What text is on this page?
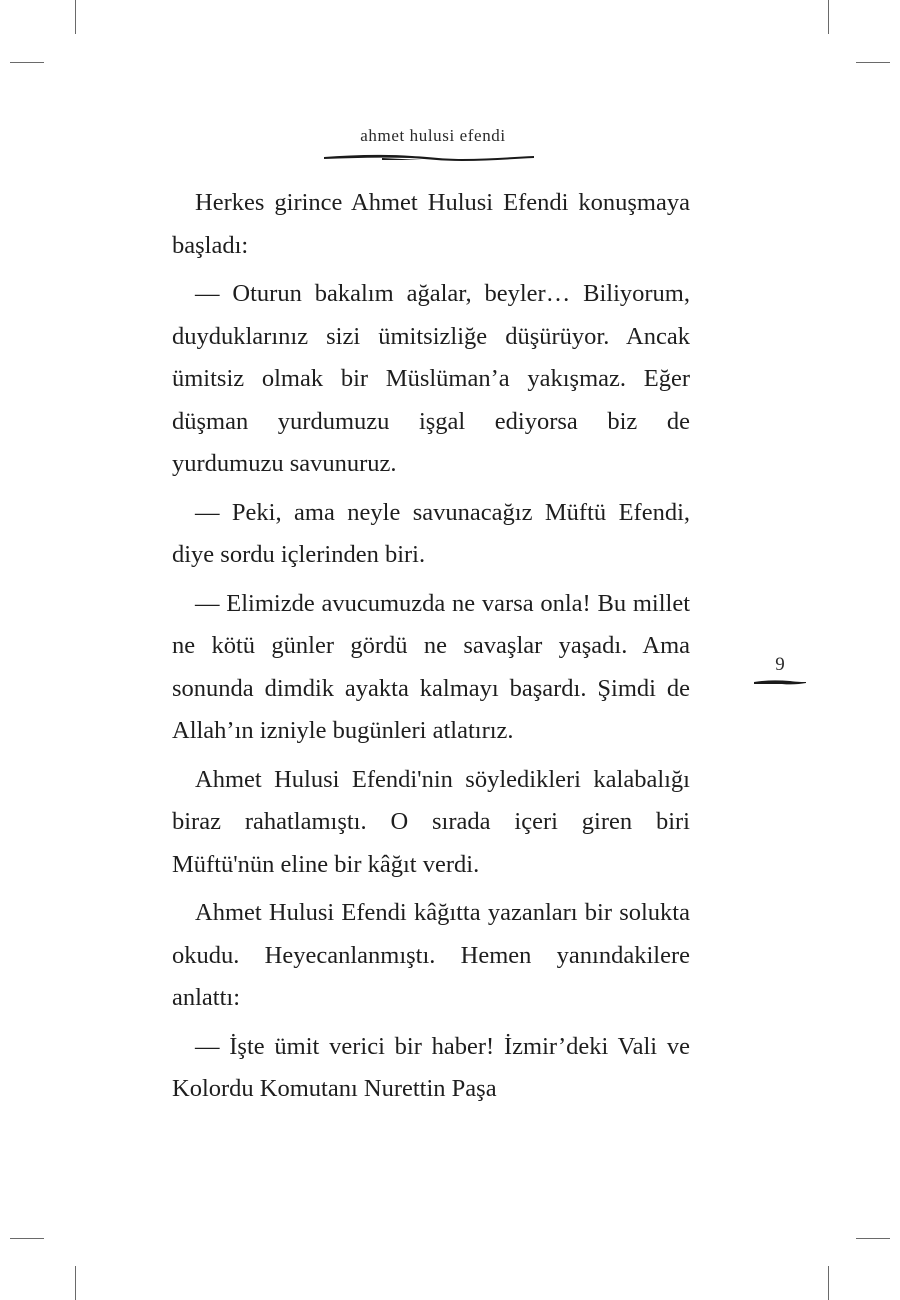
ahmet hulusi efendi

Herkes girince Ahmet Hulusi Efendi konuşmaya başladı:

— Oturun bakalım ağalar, beyler… Biliyorum, duyduklarınız sizi ümitsizliğe düşürüyor. Ancak ümitsiz olmak bir Müslüman’a yakışmaz. Eğer düşman yurdumuzu işgal ediyorsa biz de yurdumuzu savunuruz.

— Peki, ama neyle savunacağız Müftü Efendi, diye sordu içlerinden biri.

— Elimizde avucumuzda ne varsa onla! Bu millet ne kötü günler gördü ne savaşlar yaşadı. Ama sonunda dimdik ayakta kalmayı başardı. Şimdi de Allah’ın izniyle bugünleri atlatırız.

Ahmet Hulusi Efendi'nin söyledikleri kalabalığı biraz rahatlamıştı. O sırada içeri giren biri Müftü'nün eline bir kâğıt verdi.

Ahmet Hulusi Efendi kâğıtta yazanları bir solukta okudu. Heyecanlanmıştı. Hemen yanındakilere anlattı:

— İşte ümit verici bir haber! İzmir’deki Vali ve Kolordu Komutanı Nurettin Paşa

9
